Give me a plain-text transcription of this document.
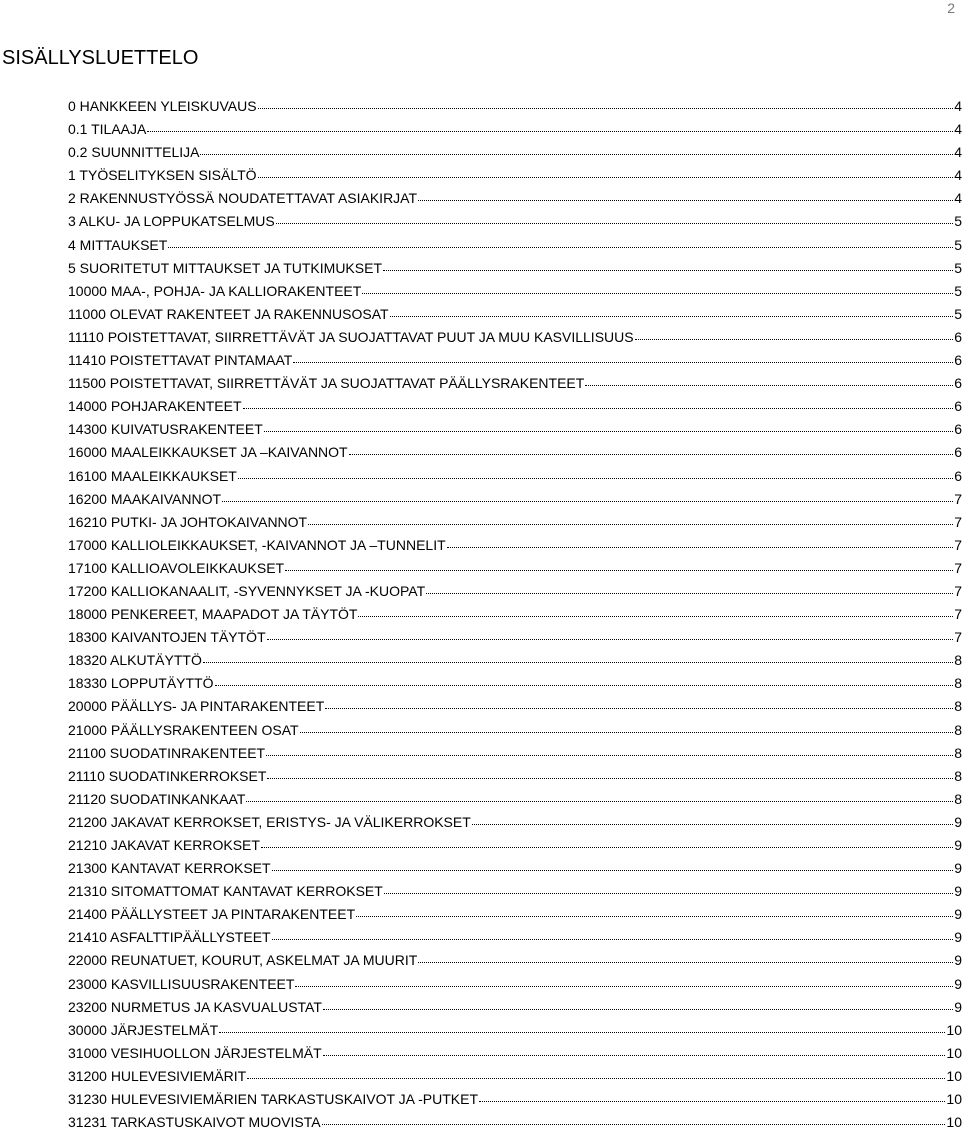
2
SISÄLLYSLUETTELO
0 HANKKEEN YLEISKUVAUS	4
0.1 TILAAJA	4
0.2 SUUNNITTELIJA	4
1 TYÖSELITYKSEN SISÄLTÖ	4
2 RAKENNUSTYÖSSÄ NOUDATETTAVAT ASIAKIRJAT	4
3 ALKU- JA LOPPUKATSELMUS	5
4 MITTAUKSET	5
5 SUORITETUT MITTAUKSET JA TUTKIMUKSET	5
10000 MAA-, POHJA- JA KALLIORAKENTEET	5
11000 OLEVAT RAKENTEET JA RAKENNUSOSAT	5
11110 POISTETTAVAT, SIIRRETTÄVÄT JA SUOJATTAVAT PUUT JA MUU KASVILLISUUS	6
11410 POISTETTAVAT PINTAMAAT	6
11500 POISTETTAVAT, SIIRRETTÄVÄT JA SUOJATTAVAT PÄÄLLYSRAKENTEET	6
14000 POHJARAKENTEET	6
14300 KUIVATUSRAKENTEET	6
16000 MAALEIKKAUKSET JA –KAIVANNOT	6
16100 MAALEIKKAUKSET	6
16200 MAAKAIVANNOT	7
16210 PUTKI- JA JOHTOKAIVANNOT	7
17000 KALLIOLEIKKAUKSET, -KAIVANNOT JA –TUNNELIT	7
17100 KALLIOAVOLEIKKAUKSET	7
17200 KALLIOKANAALIT, -SYVENNYKSET JA -KUOPAT	7
18000 PENKEREET, MAAPADOT JA TÄYTÖT	7
18300 KAIVANTOJEN TÄYTÖT	7
18320 ALKUTÄYTTÖ	8
18330 LOPPUTÄYTTÖ	8
20000 PÄÄLLYS- JA PINTARAKENTEET	8
21000 PÄÄLLYSRAKENTEEN OSAT	8
21100 SUODATINRAKENTEET	8
21110 SUODATINKERROKSET	8
21120 SUODATINKANKAAT	8
21200 JAKAVAT KERROKSET, ERISTYS- JA VÄLIKERROKSET	9
21210 JAKAVAT KERROKSET	9
21300 KANTAVAT KERROKSET	9
21310 SITOMATTOMAT KANTAVAT KERROKSET	9
21400 PÄÄLLYSTEET JA PINTARAKENTEET	9
21410 ASFALTTIPÄÄLLYSTEET	9
22000 REUNATUET, KOURUT, ASKELMAT JA MUURIT	9
23000 KASVILLISUUSRAKENTEET	9
23200 NURMETUS JA KASVUALUSTAT	9
30000 JÄRJESTELMÄT	10
31000 VESIHUOLLON JÄRJESTELMÄT	10
31200 HULEVESIVIEMÄRIT	10
31230 HULEVESIVIEMÄRIEN TARKASTUSKAIVOT JA -PUTKET	10
31231 TARKASTUSKAIVOT MUOVISTA	10
